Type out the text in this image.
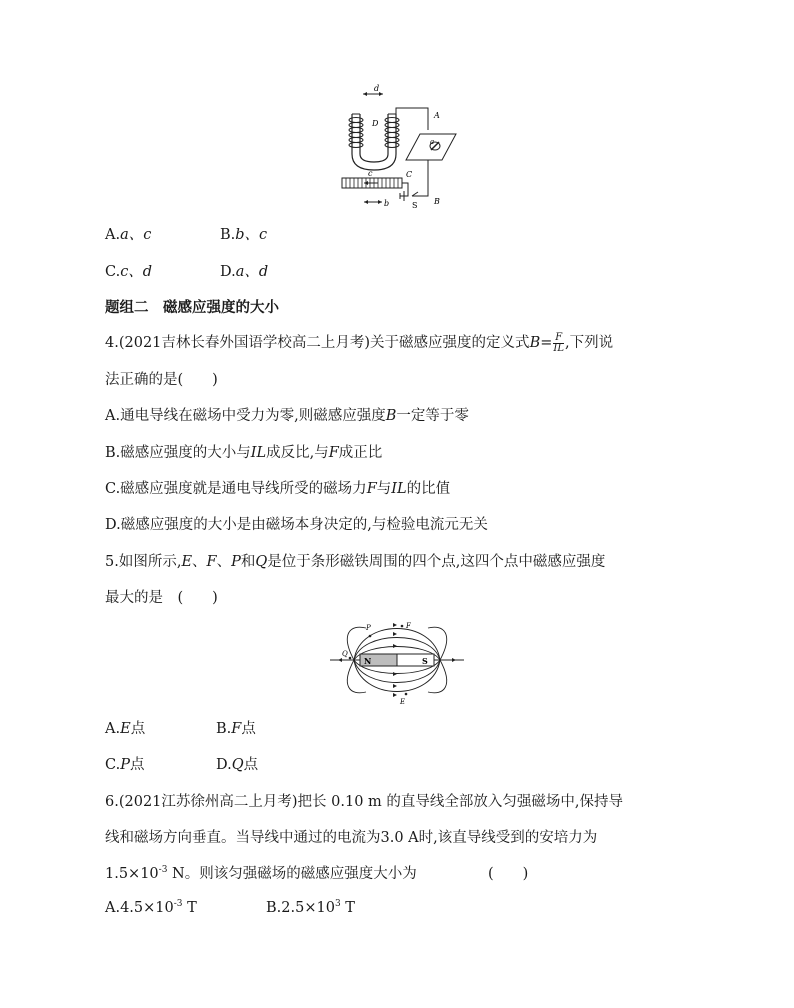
d
D
c	C
b	S
A
B
a
A.a、c	B.b、c
C.c、d	D.a、d
题组二　磁感应强度的大小
4.(2021吉林长春外国语学校高二上月考)关于磁感应强度的定义式$B= \frac{F}{IL}$ ,下列说
法正确的是(　　)
A.通电导线在磁场中受力为零,则磁感应强度B一定等于零
B.磁感应强度的大小与IL成反比,与F成正比
C.磁感应强度就是通电导线所受的磁场力F与IL的比值
D.磁感应强度的大小是由磁场本身决定的,与检验电流元无关
5.如图所示,E、F、P和Q是位于条形磁铁周围的四个点,这四个点中磁感应强度
最大的是　(　　)
N	S
P	F
Q
E
A.E点	B.F点
C.P点	D.Q点
6.(2021江苏徐州高二上月考)把长 0.10 m 的直导线全部放入匀强磁场中,保持导
线和磁场方向垂直。当导线中通过的电流为3.0 A时,该直导线受到的安培力为
$1.5\times 10^{-3}$ N。则该匀强磁场的磁感应强度大小为	(　　)
$A.4.5\times 10^{-3}$ T	$B.2.5\times 10^3$ T
